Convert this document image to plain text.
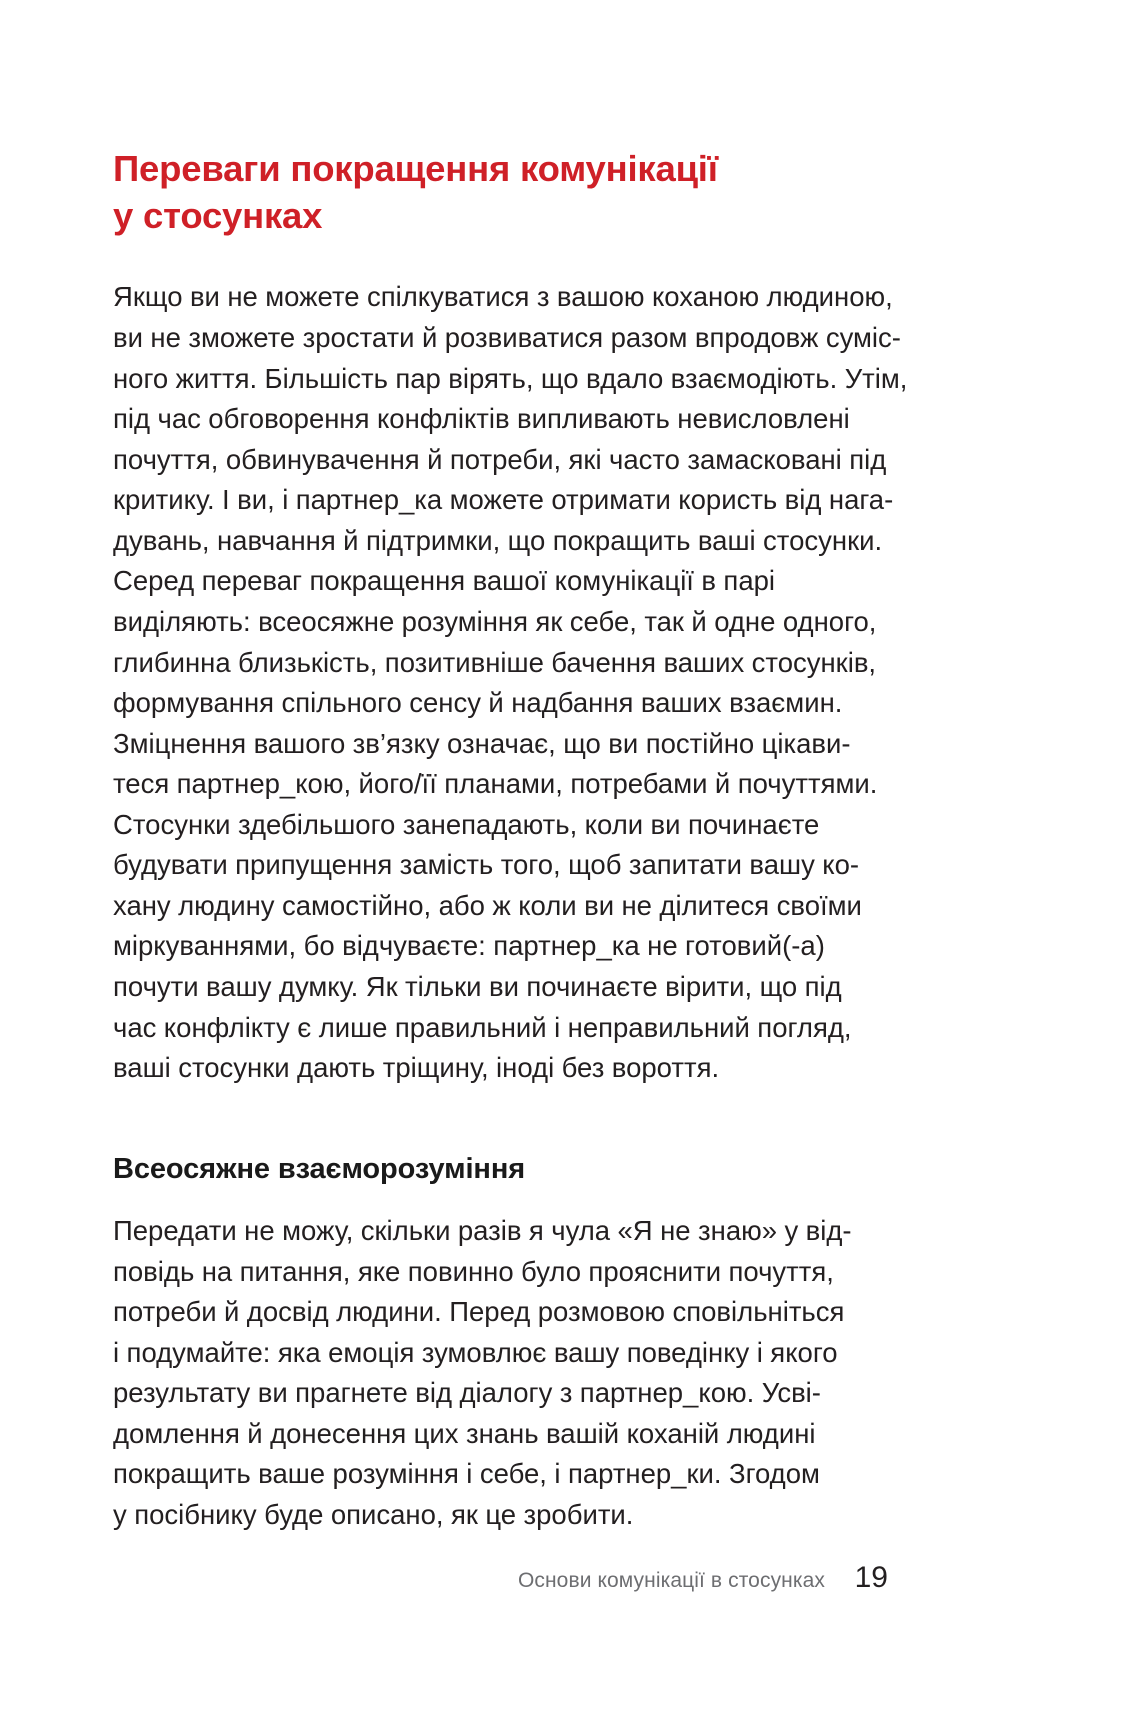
Переваги покращення комунікації
у стосунках

Якщо ви не можете спілкуватися з вашою коханою людиною,
ви не зможете зростати й розвиватися разом впродовж суміс-
ного життя. Більшість пар вірять, що вдало взаємодіють. Утім,
під час обговорення конфліктів випливають невисловлені
почуття, обвинувачення й потреби, які часто замасковані під
критику. І ви, і партнер_ка можете отримати користь від нага-
дувань, навчання й підтримки, що покращить ваші стосунки.

Серед переваг покращення вашої комунікації в парі
виділяють: всеосяжне розуміння як себе, так й одне одного,
глибинна близькість, позитивніше бачення ваших стосунків,
формування спільного сенсу й надбання ваших взаємин.
Зміцнення вашого зв’язку означає, що ви постійно цікави-
теся партнер_кою, його/її планами, потребами й почуттями.
Стосунки здебільшого занепадають, коли ви починаєте
будувати припущення замість того, щоб запитати вашу ко-
хану людину самостійно, або ж коли ви не ділитеся своїми
міркуваннями, бо відчуваєте: партнер_ка не готовий(-а)
почути вашу думку. Як тільки ви починаєте вірити, що під
час конфлікту є лише правильний і неправильний погляд,
ваші стосунки дають тріщину, іноді без вороття.

Всеосяжне взаєморозуміння

Передати не можу, скільки разів я чула «Я не знаю» у від-
повідь на питання, яке повинно було прояснити почуття,
потреби й досвід людини. Перед розмовою сповільніться
і подумайте: яка емоція зумовлює вашу поведінку і якого
результату ви прагнете від діалогу з партнер_кою. Усві-
домлення й донесення цих знань вашій коханій людині
покращить ваше розуміння і себе, і партнер_ки. Згодом
у посібнику буде описано, як це зробити.

Основи комунікації в стосунках 19
